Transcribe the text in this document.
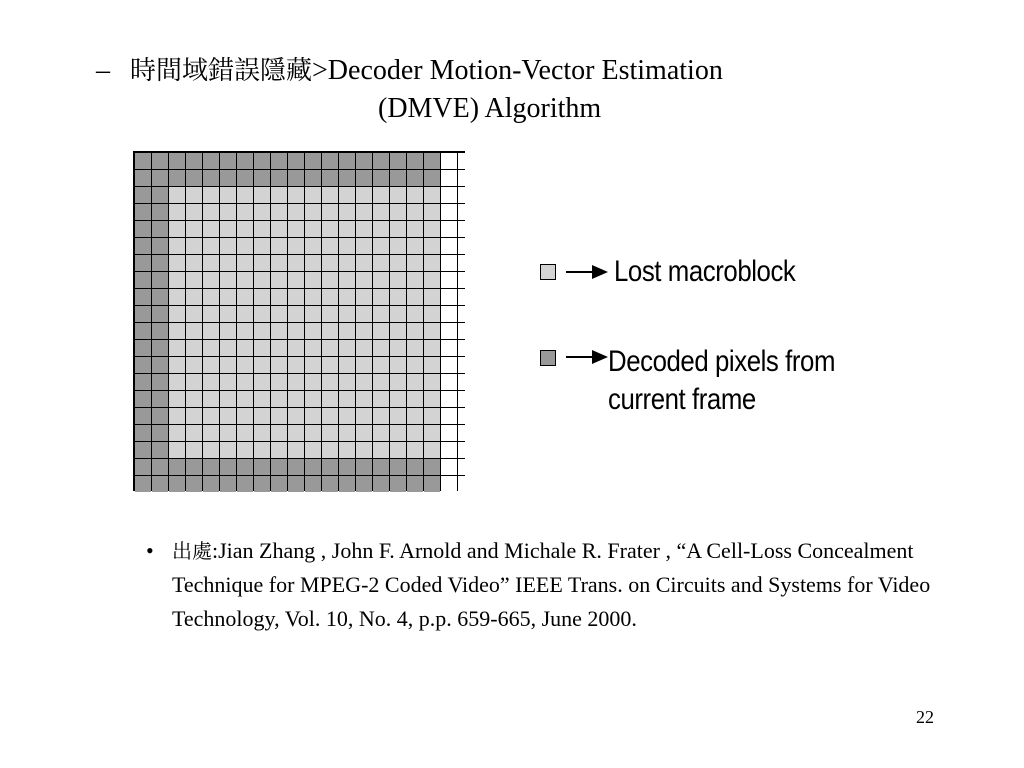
– 時間域錯誤隱藏>Decoder Motion-Vector Estimation
(DMVE) Algorithm
Lost macroblock
Decoded pixels from
current frame
• 出處:Jian Zhang , John F. Arnold and Michale R. Frater , “A Cell-Loss Concealment Technique for MPEG-2 Coded Video” IEEE Trans. on Circuits and Systems for Video Technology, Vol. 10, No. 4, p.p. 659-665, June 2000.
22
